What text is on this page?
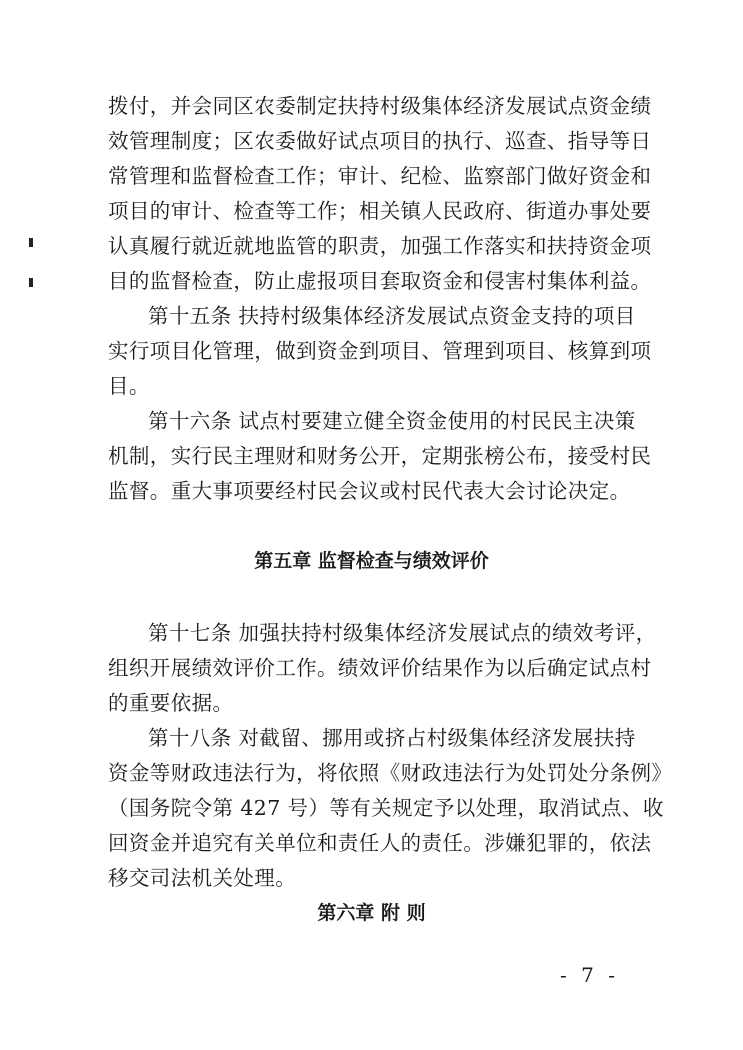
拨付，并会同区农委制定扶持村级集体经济发展试点资金绩

效管理制度；区农委做好试点项目的执行、巡查、指导等日

常管理和监督检查工作；审计、纪检、监察部门做好资金和

项目的审计、检查等工作；相关镇人民政府、街道办事处要

认真履行就近就地监管的职责，加强工作落实和扶持资金项

目的监督检查，防止虚报项目套取资金和侵害村集体利益。

第十五条 扶持村级集体经济发展试点资金支持的项目

实行项目化管理，做到资金到项目、管理到项目、核算到项

目。

第十六条 试点村要建立健全资金使用的村民民主决策

机制，实行民主理财和财务公开，定期张榜公布，接受村民

监督。重大事项要经村民会议或村民代表大会讨论决定。

第五章 监督检查与绩效评价

第十七条 加强扶持村级集体经济发展试点的绩效考评，

组织开展绩效评价工作。绩效评价结果作为以后确定试点村

的重要依据。

第十八条 对截留、挪用或挤占村级集体经济发展扶持

资金等财政违法行为，将依照《财政违法行为处罚处分条例》

（国务院令第 427 号）等有关规定予以处理，取消试点、收

回资金并追究有关单位和责任人的责任。涉嫌犯罪的，依法

移交司法机关处理。

第六章 附 则

- 7 -
